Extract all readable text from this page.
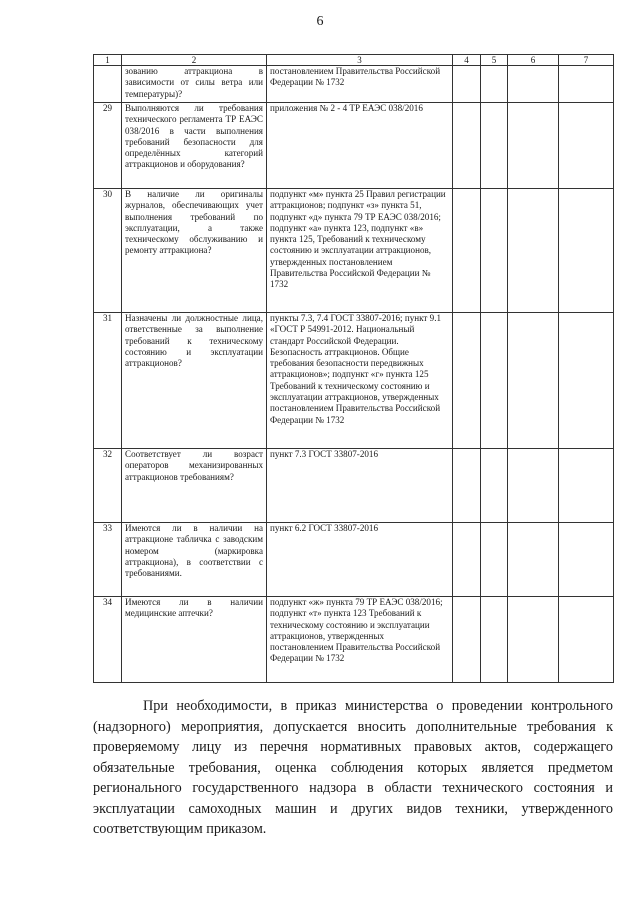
6
1	2	3	4	5	6	7
	зованию аттракциона в зависимости от силы ветра или температуры)?	постановлением Правительства Российской Федерации № 1732				
29	Выполняются ли требования технического регламента ТР ЕАЭС 038/2016 в части выполнения требований безопасности для определённых категорий аттракционов и оборудования?	приложения № 2 - 4 ТР ЕАЭС 038/2016				
30	В наличие ли оригиналы журналов, обеспечивающих учет выполнения требований по эксплуатации, а также техническому обслуживанию и ремонту аттракциона?	подпункт «м» пункта 25 Правил регистрации аттракционов; подпункт «з» пункта 51, подпункт «д» пункта 79 ТР ЕАЭС 038/2016; подпункт «а» пункта 123, подпункт «в» пункта 125, Требований к техническому состоянию и эксплуатации аттракционов, утвержденных постановлением Правительства Российской Федерации № 1732				
31	Назначены ли должностные лица, ответственные за выполнение требований к техническому состоянию и эксплуатации аттракционов?	пункты 7.3, 7.4 ГОСТ 33807-2016; пункт 9.1 «ГОСТ Р 54991-2012. Национальный стандарт Российской Федерации. Безопасность аттракционов. Общие требования безопасности передвижных аттракционов»; подпункт «г» пункта 125 Требований к техническому состоянию и эксплуатации аттракционов, утвержденных постановлением Правительства Российской Федерации № 1732				
32	Соответствует ли возраст операторов механизированных аттракционов требованиям?	пункт 7.3 ГОСТ 33807-2016				
33	Имеются ли в наличии на аттракционе табличка с заводским номером (маркировка аттракциона), в соответствии с требованиями.	пункт 6.2 ГОСТ 33807-2016				
34	Имеются ли в наличии медицинские аптечки?	подпункт «ж» пункта 79 ТР ЕАЭС 038/2016; подпункт «т» пункта 123 Требований к техническому состоянию и эксплуатации аттракционов, утвержденных постановлением Правительства Российской Федерации № 1732				

При необходимости, в приказ министерства о проведении контрольного (надзорного) мероприятия, допускается вносить дополнительные требования к проверяемому лицу из перечня нормативных правовых актов, содержащего обязательные требования, оценка соблюдения которых является предметом регионального государственного надзора в области технического состояния и эксплуатации самоходных машин и других видов техники, утвержденного соответствующим приказом.
